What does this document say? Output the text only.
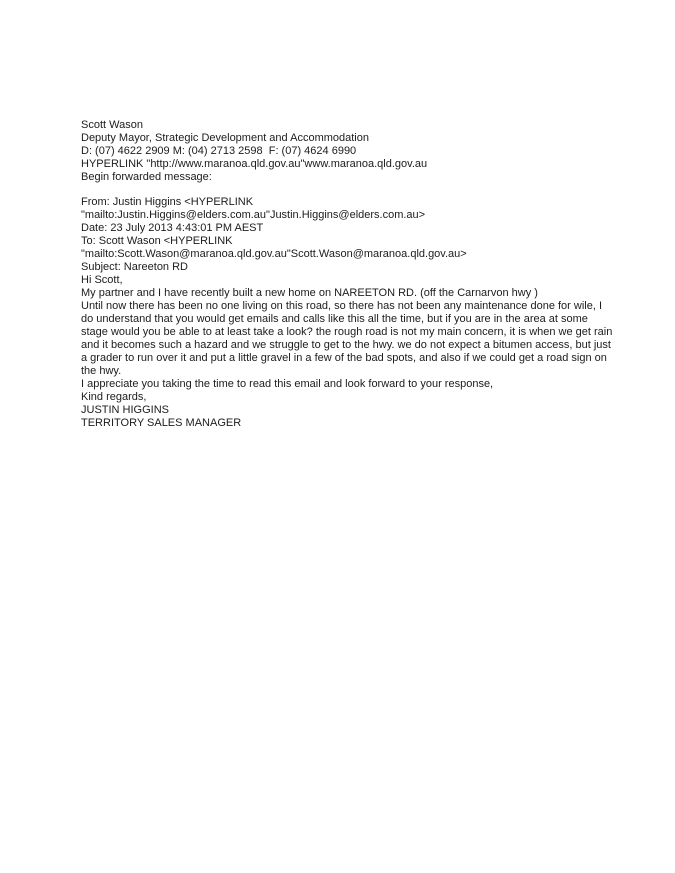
Scott Wason

Deputy Mayor, Strategic Development and Accommodation

D: (07) 4622 2909 M: (04) 2713 2598  F: (07) 4624 6990

HYPERLINK "http://www.maranoa.qld.gov.au"www.maranoa.qld.gov.au

Begin forwarded message:

From: Justin Higgins <HYPERLINK

"mailto:Justin.Higgins@elders.com.au"Justin.Higgins@elders.com.au>

Date: 23 July 2013 4:43:01 PM AEST

To: Scott Wason <HYPERLINK

"mailto:Scott.Wason@maranoa.qld.gov.au"Scott.Wason@maranoa.qld.gov.au>

Subject: Nareeton RD

Hi Scott,

My partner and I have recently built a new home on NAREETON RD. (off the Carnarvon hwy )

Until now there has been no one living on this road, so there has not been any maintenance done for wile, I do understand that you would get emails and calls like this all the time, but if you are in the area at some stage would you be able to at least take a look? the rough road is not my main concern, it is when we get rain and it becomes such a hazard and we struggle to get to the hwy. we do not expect a bitumen access, but just a grader to run over it and put a little gravel in a few of the bad spots, and also if we could get a road sign on the hwy.

I appreciate you taking the time to read this email and look forward to your response,

Kind regards,

JUSTIN HIGGINS

TERRITORY SALES MANAGER
